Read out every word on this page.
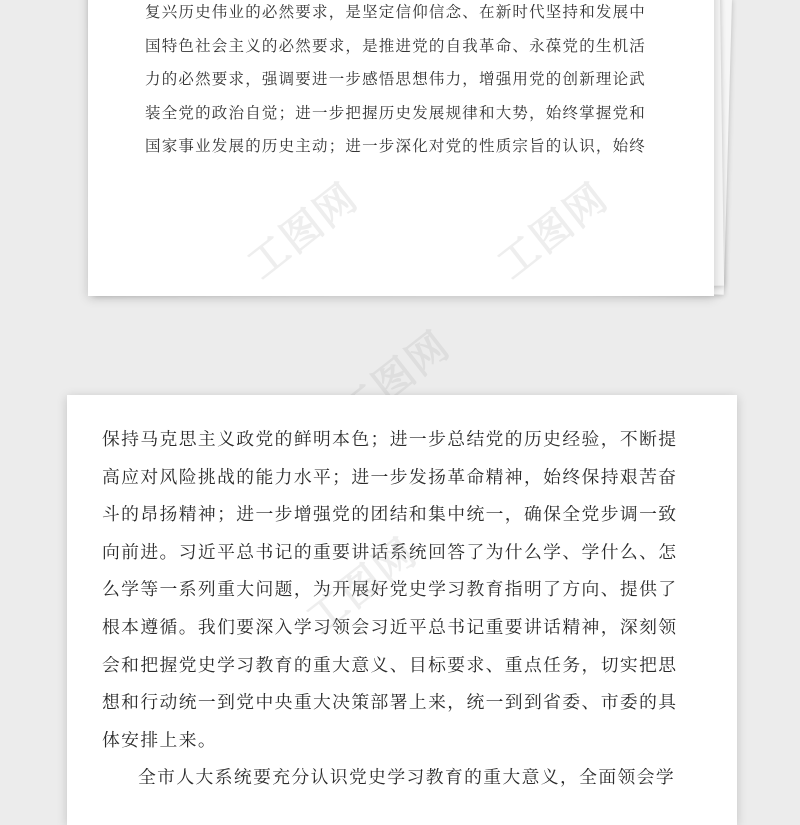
复兴历史伟业的必然要求，是坚定信仰信念、在新时代坚持和发展中
国特色社会主义的必然要求，是推进党的自我革命、永葆党的生机活
力的必然要求，强调要进一步感悟思想伟力，增强用党的创新理论武
装全党的政治自觉；进一步把握历史发展规律和大势，始终掌握党和
国家事业发展的历史主动；进一步深化对党的性质宗旨的认识，始终
工图网	工图网
工图网
保持马克思主义政党的鲜明本色；进一步总结党的历史经验，不断提
高应对风险挑战的能力水平；进一步发扬革命精神，始终保持艰苦奋
斗的昂扬精神；进一步增强党的团结和集中统一，确保全党步调一致
向前进。习近平总书记的重要讲话系统回答了为什么学、学什么、怎
么学等一系列重大问题，为开展好党史学习教育指明了方向、提供了
根本遵循。我们要深入学习领会习近平总书记重要讲话精神，深刻领
会和把握党史学习教育的重大意义、目标要求、重点任务，切实把思
想和行动统一到党中央重大决策部署上来，统一到到省委、市委的具
体安排上来。
全市人大系统要充分认识党史学习教育的重大意义，全面领会学
工图网
